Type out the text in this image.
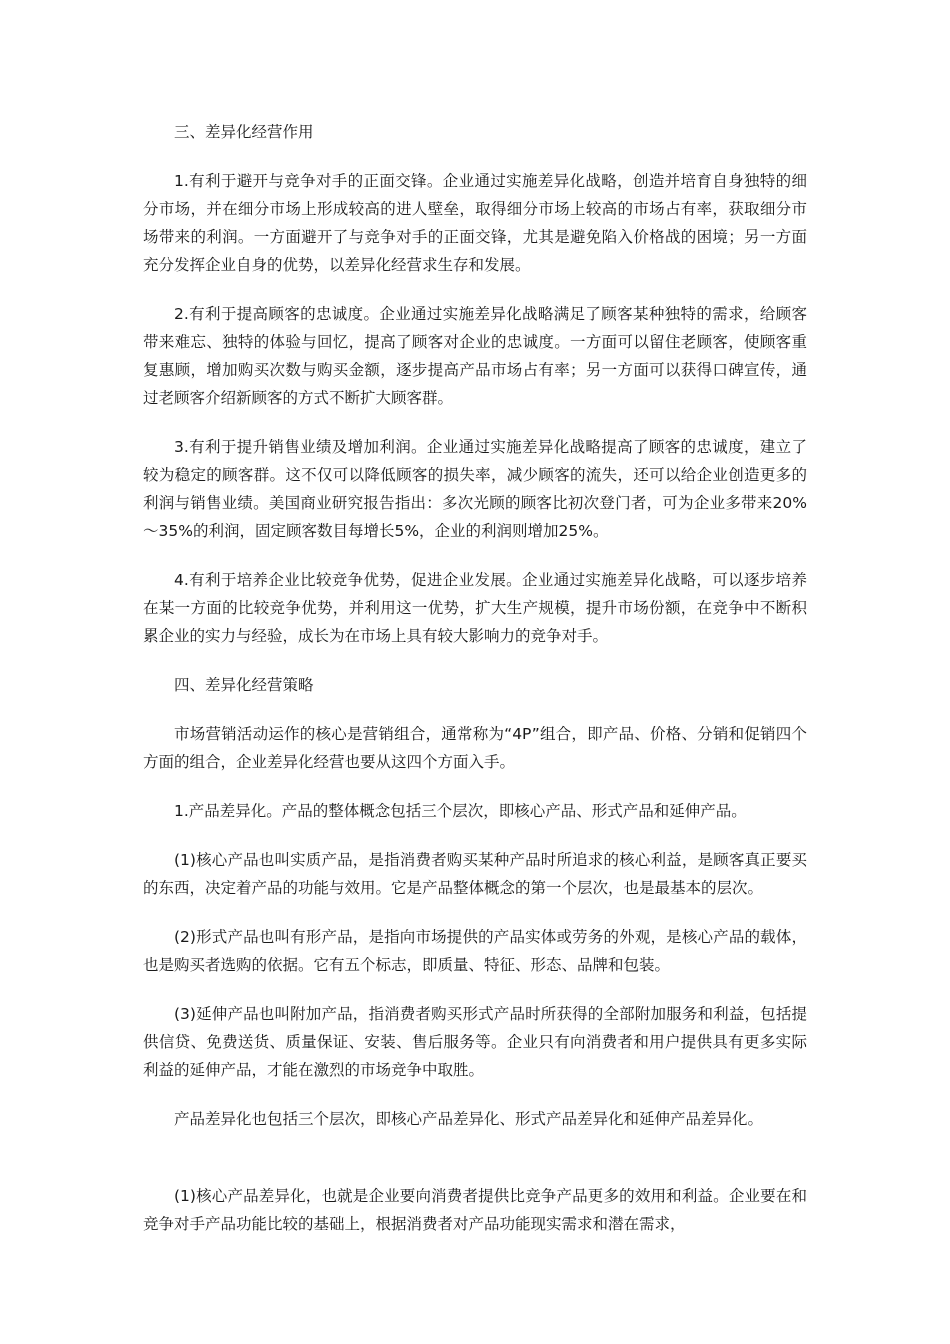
三、差异化经营作用

1.有利于避开与竞争对手的正面交锋。企业通过实施差异化战略，创造并培育自身独特的细分市场，并在细分市场上形成较高的进人壁垒，取得细分市场上较高的市场占有率，获取细分市场带来的利润。一方面避开了与竞争对手的正面交锋，尤其是避免陷入价格战的困境；另一方面充分发挥企业自身的优势，以差异化经营求生存和发展。

2.有利于提高顾客的忠诚度。企业通过实施差异化战略满足了顾客某种独特的需求，给顾客带来难忘、独特的体验与回忆，提高了顾客对企业的忠诚度。一方面可以留住老顾客，使顾客重复惠顾，增加购买次数与购买金额，逐步提高产品市场占有率；另一方面可以获得口碑宣传，通过老顾客介绍新顾客的方式不断扩大顾客群。

3.有利于提升销售业绩及增加利润。企业通过实施差异化战略提高了顾客的忠诚度，建立了较为稳定的顾客群。这不仅可以降低顾客的损失率，减少顾客的流失，还可以给企业创造更多的利润与销售业绩。美国商业研究报告指出：多次光顾的顾客比初次登门者，可为企业多带来20%～35%的利润，固定顾客数目每增长5%，企业的利润则增加25%。

4.有利于培养企业比较竞争优势，促进企业发展。企业通过实施差异化战略，可以逐步培养在某一方面的比较竞争优势，并利用这一优势，扩大生产规模，提升市场份额，在竞争中不断积累企业的实力与经验，成长为在市场上具有较大影响力的竞争对手。

四、差异化经营策略

市场营销活动运作的核心是营销组合，通常称为“4P”组合，即产品、价格、分销和促销四个方面的组合，企业差异化经营也要从这四个方面入手。

1.产品差异化。产品的整体概念包括三个层次，即核心产品、形式产品和延伸产品。

(1)核心产品也叫实质产品，是指消费者购买某种产品时所追求的核心利益，是顾客真正要买的东西，决定着产品的功能与效用。它是产品整体概念的第一个层次，也是最基本的层次。

(2)形式产品也叫有形产品，是指向市场提供的产品实体或劳务的外观，是核心产品的载体，也是购买者选购的依据。它有五个标志，即质量、特征、形态、品牌和包装。

(3)延伸产品也叫附加产品，指消费者购买形式产品时所获得的全部附加服务和利益，包括提供信贷、免费送货、质量保证、安装、售后服务等。企业只有向消费者和用户提供具有更多实际利益的延伸产品，才能在激烈的市场竞争中取胜。

产品差异化也包括三个层次，即核心产品差异化、形式产品差异化和延伸产品差异化。

(1)核心产品差异化，也就是企业要向消费者提供比竞争产品更多的效用和利益。企业要在和竞争对手产品功能比较的基础上，根据消费者对产品功能现实需求和潜在需求，
